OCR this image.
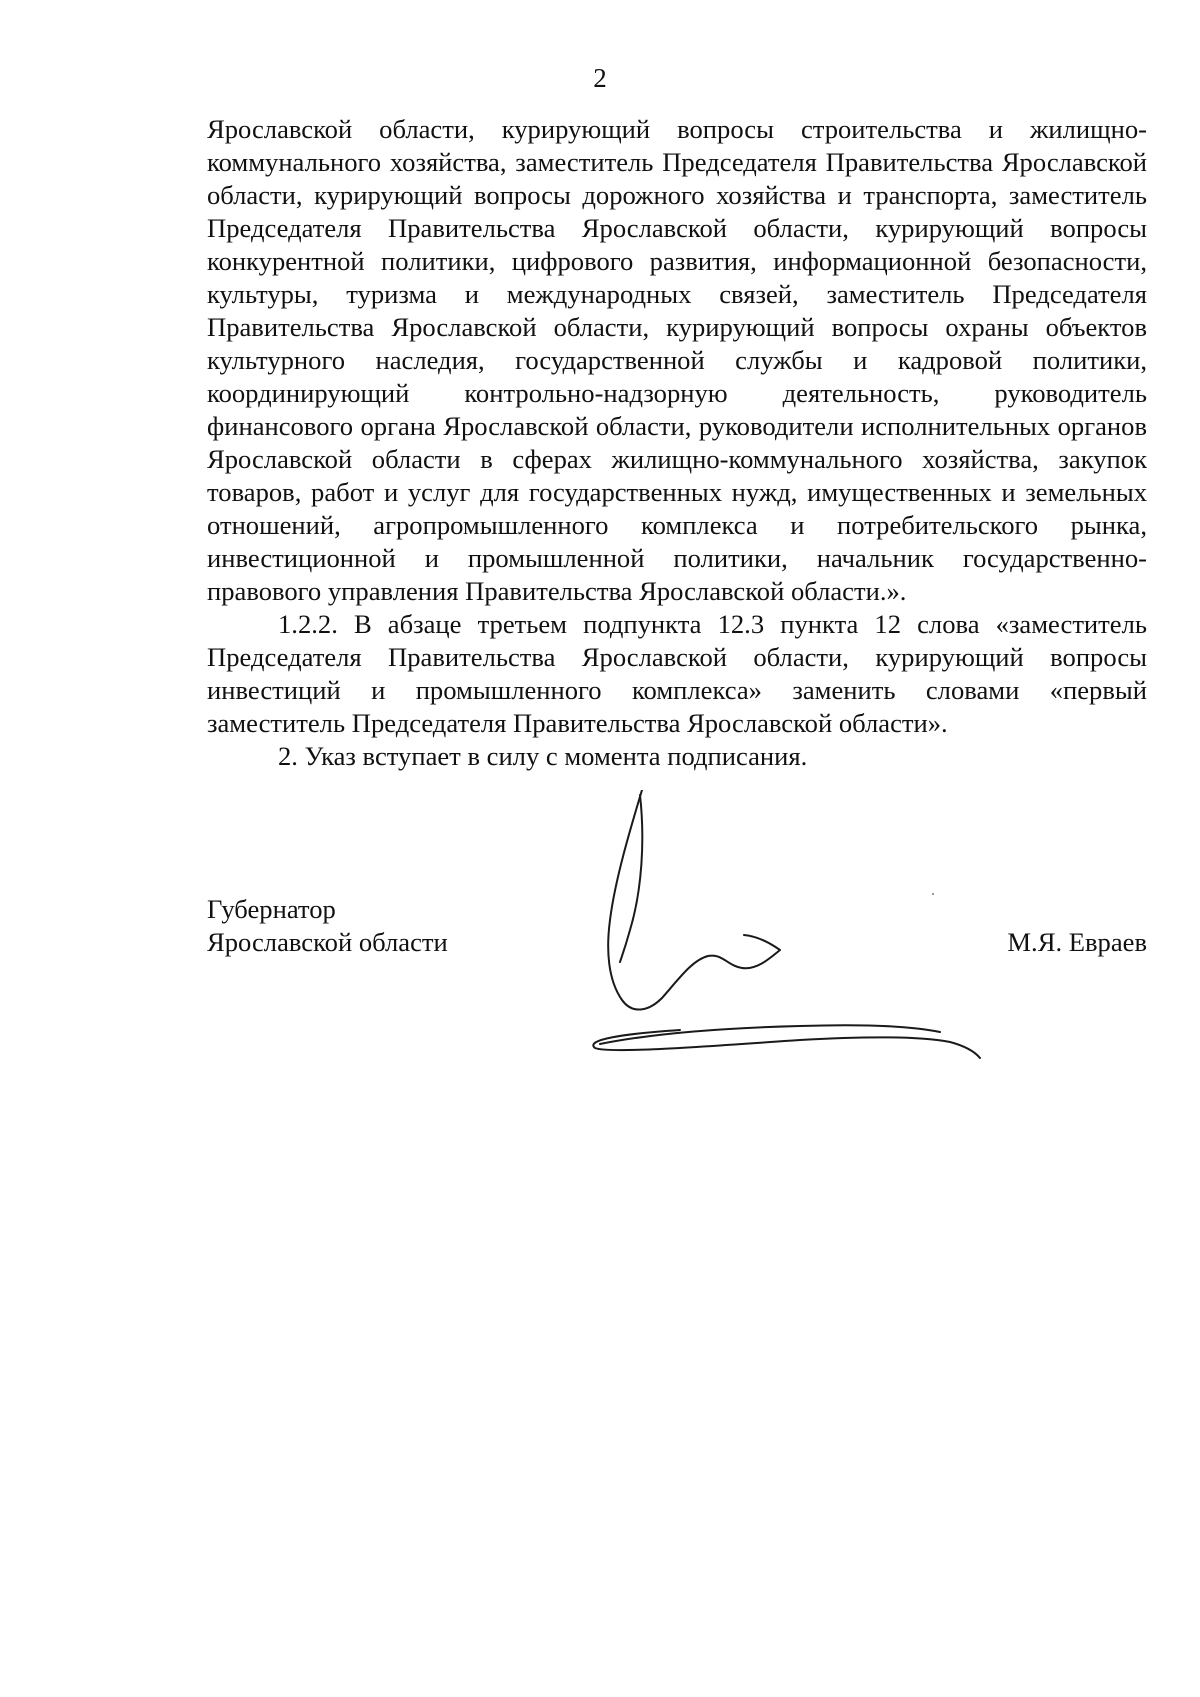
2

Ярославской области, курирующий вопросы строительства и жилищно-коммунального хозяйства, заместитель Председателя Правительства Ярославской области, курирующий вопросы дорожного хозяйства и транспорта, заместитель Председателя Правительства Ярославской области, курирующий вопросы конкурентной политики, цифрового развития, информационной безопасности, культуры, туризма и международных связей, заместитель Председателя Правительства Ярославской области, курирующий вопросы охраны объектов культурного наследия, государственной службы и кадровой политики, координирующий контрольно-надзорную деятельность, руководитель финансового органа Ярославской области, руководители исполнительных органов Ярославской области в сферах жилищно-коммунального хозяйства, закупок товаров, работ и услуг для государственных нужд, имущественных и земельных отношений, агропромышленного комплекса и потребительского рынка, инвестиционной и промышленной политики, начальник государственно-правового управления Правительства Ярославской области.».

1.2.2. В абзаце третьем подпункта 12.3 пункта 12 слова «заместитель Председателя Правительства Ярославской области, курирующий вопросы инвестиций и промышленного комплекса» заменить словами «первый заместитель Председателя Правительства Ярославской области».

2. Указ вступает в силу с момента подписания.

Губернатор
Ярославской области	М.Я. Евраев
